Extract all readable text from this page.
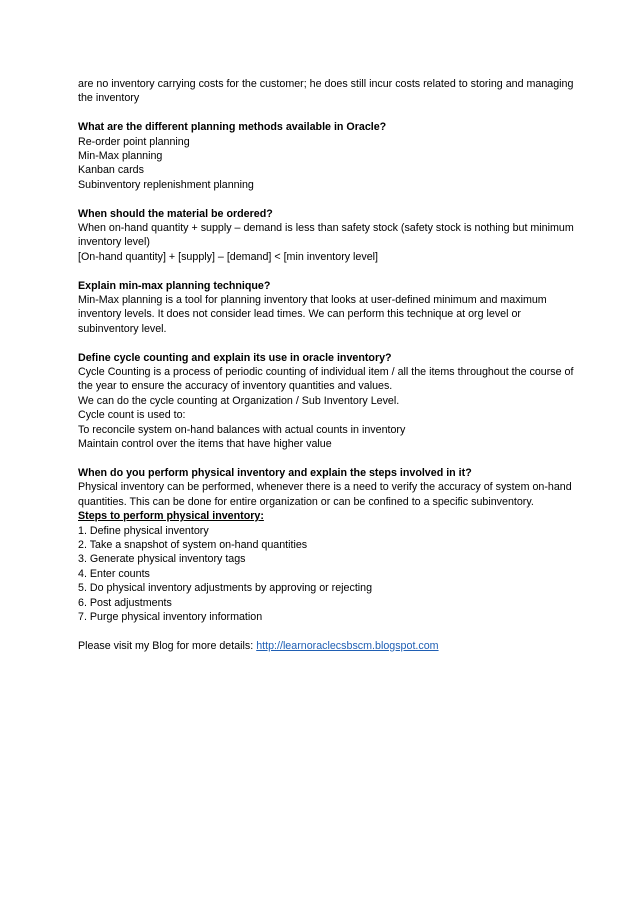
are no inventory carrying costs for the customer; he does still incur costs related to storing and managing the inventory

What are the different planning methods available in Oracle?

Re-order point planning

Min-Max planning

Kanban cards

Subinventory replenishment planning

When should the material be ordered?

When on-hand quantity + supply – demand is less than safety stock (safety stock is nothing but minimum inventory level)

[On-hand quantity] + [supply] – [demand] < [min inventory level]

Explain min-max planning technique?

Min-Max planning is a tool for planning inventory that looks at user-defined minimum and maximum inventory levels. It does not consider lead times. We can perform this technique at org level or subinventory level.

Define cycle counting and explain its use in oracle inventory?

Cycle Counting is a process of periodic counting of individual item / all the items throughout the course of the year to ensure the accuracy of inventory quantities and values.

We can do the cycle counting at Organization / Sub Inventory Level.

Cycle count is used to:

To reconcile system on-hand balances with actual counts in inventory

Maintain control over the items that have higher value

When do you perform physical inventory and explain the steps involved in it?

Physical inventory can be performed, whenever there is a need to verify the accuracy of system on-hand quantities. This can be done for entire organization or can be confined to a specific subinventory.

Steps to perform physical inventory:

1. Define physical inventory

2. Take a snapshot of system on-hand quantities

3. Generate physical inventory tags

4. Enter counts

5. Do physical inventory adjustments by approving or rejecting

6. Post adjustments

7. Purge physical inventory information

Please visit my Blog for more details: http://learnoraclecsbscm.blogspot.com
